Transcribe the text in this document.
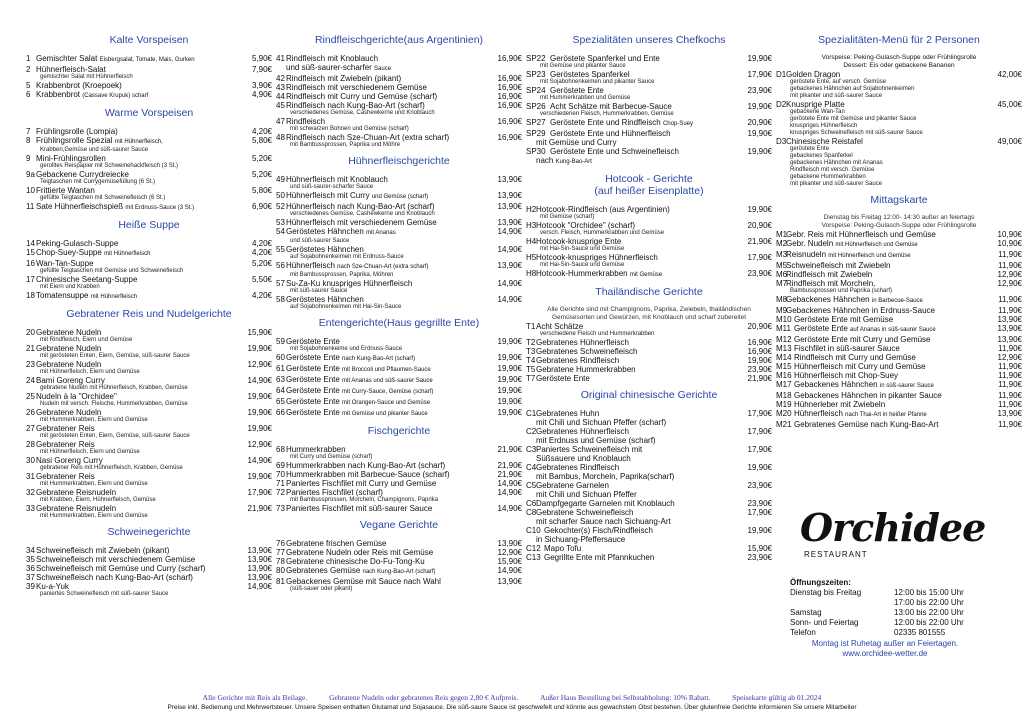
Kalte Vorspeisen
1 Gemischter Salat Eisbergsalat, Tomate, Mais, Gurken	5,90€
2 Hühnerfleisch-Salat	7,90€
gemischter Salat mit Hühnerfleisch
5 Krabbenbrot (Kroepoek)	3,90€
6 Krabbenbrot (Cassave Krupuk) scharf	4,90€
Warme Vorspeisen
7 Frühlingsrolle (Lompia)	4,20€
8 Frühlingsrolle Spezial mit Hühnerfleisch,	5,80€
Krabben,Gemüse und süß-saurer Sauce
9 Mini-Frühlingsrollen	5,20€
gerolltes Reispapier mit Schweinehackfleisch (3 St.)
9a Gebackene Currydreiecke	5,20€
Teigtaschen mit Currygemüsefüllung (6 St.)
10 Frittierte Wantan	5,80€
gefüllte Teigtaschen mit Schweinefleisch (6 St.)
11 Sate Hühnerfleischspieß mit Erdnuss-Sauce (3 St.)	6,90€
Heiße Suppe
14 Peking-Gulasch-Suppe	4,20€
15 Chop-Suey-Suppe mit Hühnerfleisch	4,20€
16 Wan-Tan-Suppe	5,20€
gefüllte Teigtaschen mit Gemüse und Schweinefleisch
17 Chinesische Seetang-Suppe	5,50€
mit Eiern und Krabben
18 Tomatensuppe mit Hühnerfleisch	4,20€
Gebratener Reis und Nudelgerichte
20 Gebratene Nudeln	15,90€
mit Rindfleisch, Eiern und Gemüse
21 Gebratene Nudeln	19,90€
mit gerösteten Enten, Eiern, Gemüse, süß-saurer Sauce
23 Gebratene Nudeln	12,90€
mit Hühnerfleisch, Eiern und Gemüse
24 Bami Goreng Curry	14,90€
gebratene Nudeln mit Hühnerfleisch, Krabben, Gemüse
25 Nudeln à la "Orchidee"	19,90€
Nudeln mit versch. Fleische, Hummerkrabben, Gemüse
26 Gebratene Nudeln	19,90€
mit Hummerkrabben, Eiern und Gemüse
27 Gebratener Reis	19,90€
mit gerösteten Enten, Eiern, Gemüse, süß-saurer Sauce
28 Gebratener Reis	12,90€
mit Hühnerfleisch, Eiern und Gemüse
30 Nasi Goreng Curry	14,90€
gebratener Reis mit Hühnerfleisch, Krabben, Gemüse
31 Gebratener Reis	19,90€
mit Hummerkrabben, Eiern und Gemüse
32 Gebratene Reisnudeln	17,90€
mit Krabben, Eiern, Hühnerfleisch, Gemüse
33 Gebratene Reisnudeln	21,90€
mit Hummerkrabben, Eiern und Gemüse
Schweinegerichte
34 Schweinefleisch mit Zwiebeln (pikant)	13,90€
35 Schweinefleisch mit verschiedenem Gemüse	13,90€
36 Schweinefleisch mit Gemüse und Curry (scharf)	13,90€
37 Schweinefleisch nach Kung-Bao-Art (scharf)	13,90€
39 Ku-a-Yuk	14,90€
paniertes Schweinefleisch mit süß-saurer Sauce
Rindfleischgerichte(aus Argentinien)
41 Rindfleisch mit Knoblauch	16,90€
und süß-saurer-scharfer Sauce
42 Rindfleisch mit Zwiebeln (pikant)	16,90€
43 Rindfleisch mit verschiedenem Gemüse	16,90€
44 Rindfleisch mit Curry und Gemüse (scharf)	16,90€
45 Rindfleisch nach Kung-Bao-Art (scharf)	16,90€
verschiedenes Gemüse, Cashewkerne und Knoblauch
47 Rindfleisch	16,90€
mit schwarzen Bohnen und Gemüse (scharf)
48 Rindfleisch nach Sze-Chuan-Art (extra scharf)	16,90€
mit Bambussprossen, Paprika und Möhre
Hühnerfleischgerichte
49 Hühnerfleisch mit Knoblauch	13,90€
und süß-saurer-scharfer Sauce
50 Hühnerfleisch mit Curry und Gemüse (scharf)	13,90€
52 Hühnerfleisch nach Kung-Bao-Art (scharf)	13,90€
verschiedenes Gemüse, Cashewkerne und Knoblauch
53 Hühnerfleisch mit verschiedenem Gemüse	13,90€
54 Geröstetes Hähnchen mit Ananas	14,90€
und süß-saurer Sauce
55 Geröstetes Hähnchen	14,90€
auf Sojabohnenkeimen mit Erdnuss-Sauce
56 Hühnerfleisch nach Sze-Chuan-Art (extra scharf)	13,90€
mit Bambussprossen, Paprika, Möhren
57 Su-Za-Ku knuspriges Hühnerfleisch	14,90€
mit süß-saurer Sauce
58 Geröstetes Hähnchen	14,90€
auf Sojabohnenkeimen mit Hai-Sin-Sauce
Entengerichte(Haus gegrillte Ente)
59 Geröstete Ente	19,90€
mit Sojabohnenkeime und Erdnuss-Sauce
60 Geröstete Ente nach Kung-Bao-Art (scharf)	19,90€
61 Geröstete Ente mit Broccoli und Pflaumen-Sauce	19,90€
63 Geröstete Ente mit Ananas und süß-saurer Sauce	19,90€
64 Geröstete Ente mit Curry-Sauce, Gemüse (scharf)	19,90€
65 Geröstete Ente mit Orangen-Sauce und Gemüse	19,90€
66 Geröstete Ente mit Gemüse und pikanter Sauce	19,90€
Fischgerichte
68 Hummerkrabben	21,90€
mit Curry und Gemüse (scharf)
69 Hummerkrabben nach Kung-Bao-Art (scharf)	21,90€
70 Hummerkrabben mit Barbecue-Sauce (scharf)	21,90€
71 Paniertes Fischfilet mit Curry und Gemüse	14,90€
72 Paniertes Fischfilet (scharf)	14,90€
mit Bambussprossen, Morcheln, Champignons, Paprika
73 Paniertes Fischfilet mit süß-saurer Sauce	14,90€
Vegane Gerichte
76 Gebratene frischen Gemüse	13,90€
77 Gebratene Nudeln oder Reis mit Gemüse	12,90€
78 Gebratene chinesische Do-Fu-Tong-Ku	15,90€
80 Gebratenes Gemüse nach Kung-Bao-Art (scharf)	14,90€
81 Gebackenes Gemüse mit Sauce nach Wahl	13,90€
(süß-sauer oder pikant)
Spezialitäten unseres Chefkochs
SP22 Geröstete Spanferkel und Ente	19,90€
mit Gemüse und pikanter Sauce
SP23 Geröstetes Spanferkel	17,90€
mit Sojabohnenkeimen und pikanter Sauce
SP24 Geröstete Ente	23,90€
mit Hummerkrabben und Gemüse
SP26 Acht Schätze mit Barbecue-Sauce	19,90€
verschiedenen Fleisch, Hummerkrabben, Gemüse
SP27 Geröstete Ente und Rindfleisch Chop-Suey	20,90€
SP29 Geröstete Ente und Hühnerfleisch	19,90€
mit Gemüse und Curry
SP30 Geröstete Ente und Schweinefleisch	19,90€
nach Kung-Bao-Art
Hotcook - Gerichte
(auf heißer Eisenplatte)
H2 Hotcook-Rindfleisch (aus Argentinien)	19,90€
mit Gemüse (scharf)
H3 Hotcook "Orchidee" (scharf)	20,90€
versch. Fleisch, Hummerkrabben und Gemüse
H4 Hotcook-knusprige Ente	21,90€
mit Hai-Sin-Sauce und Gemüse
H5 Hotcook-knuspriges Hühnerfleisch	17,90€
mit Hai-Sin-Sauce und Gemüse
H8 Hotcook-Hummerkrabben mit Gemüse	23,90€
Thailändische Gerichte
Alle Gerichte sind mit Champignons, Paprika, Zwiebeln, thailändischen Gemüsesorten und Gewürzen, mit Knoblauch und scharf zubereitet
T1 Acht Schätze	20,90€
verschiedene Fleisch und Hummerkrabben
T2 Gebratenes Hühnerfleisch	16,90€
T3 Gebratenes Schweinefleisch	16,90€
T4 Gebratenes Rindfleisch	19,90€
T5 Gebratene Hummerkrabben	23,90€
T7 Geröstete Ente	21,90€
Original chinesische Gerichte
C1 Gebratenes Huhn	17,90€
mit Chili und Sichuan Pfeffer (scharf)
C2 Gebratenes Hühnerfleisch	17,90€
mit Erdnuss und Gemüse (scharf)
C3 Paniertes Schweinefleisch mit	17,90€
Süßsauere und Knoblauch
C4 Gebratenes Rindfleisch	19,90€
mit Bambus, Morcheln, Paprika(scharf)
C5 Gebratene Garnelen	23,90€
mit Chili und Sichuan Pfeffer
C6 Dampfgegarte Garnelen mit Knoblauch	23,90€
C8 Gebratene Schweinefleisch	17,90€
mit scharfer Sauce nach Sichuang-Art
C10 Gekochter(s) Fisch/Rindfleisch	19,90€
in Sichuang-Pfeffersauce
C12 Mapo Tofu	15,90€
C13 Gegrillte Ente mit Pfannkuchen	23,90€
Spezialitäten-Menü für 2 Personen
Vorspeise: Peking-Gulasch-Suppe oder Frühlingsrolle
Dessert: Eis oder gebackene Bananen
D1 Golden Dragon	42,00€
geröstete Ente, auf versch. Gemüse
gebackenes Hähnchen auf Sojabohnenkeimen
mit pikanter und süß-saurer Sauce
D2 Knusprige Platte	45,00€
gebackene Wan-Tan
geröstete Ente mit Gemüse und pikanter Sauce
knuspriges Hühnerfleisch
knuspriges Schweinefleisch mit süß-saurer Sauce
D3 Chinesische Reistafel	49,00€
geröstete Ente
gebackenes Spanferkel
gebackenes Hähnchen mit Ananas
Rindfleisch mit versch. Gemüse
gebackene Hummerkrabben
mit pikanter und süß-saurer Sauce
Mittagskarte
Dienstag bis Freitag 12:00- 14:30 außer an feiertags
Vorspeise: Peking-Gulasch-Suppe oder Frühlingsrolle
M1
Gebr. Reis mit Hühnerfleisch und Gemüse	10,90€
M2
Gebr. Nudeln mit Hühnerfleisch und Gemüse	10,90€
M3
Reisnudeln mit Hühnerfleisch und Gemüse	11,90€
M5
Schweinefleisch mit Zwiebeln	11,90€
M6
Rindfleisch mit Zwiebeln	12,90€
M7
Rindfleisch mit Morcheln,	12,90€
Bambussprossen und Paprika (scharf)
M8
Gebackenes Hähnchen in Barbecue-Sauce	11,90€
M9
Gebackenes Hähnchen in Erdnuss-Sauce	11,90€
M10 Geröstete Ente mit Gemüse	13,90€
M11 Geröstete Ente auf Ananas in süß-saurer Sauce	13,90€
M12 Geröstete Ente mit Curry und Gemüse	13,90€
M13 Fischfilet in süß-saurer Sauce	11,90€
M14 Rindfleisch mit Curry und Gemüse	12,90€
M15 Hühnerfleisch mit Curry und Gemüse	11,90€
M16 Hühnerfleisch mit Chop-Suey	11,90€
M17 Gebackenes Hähnchen in süß-saurer Sauce	11,90€
M18 Gebackenes Hähnchen in pikanter Sauce	11,90€
M19 Hühnerleber mit Zwiebeln	11,90€
M20 Hühnerfleisch nach Thai-Art in heißer Pfanne	13,90€
M21 Gebratenes Gemüse nach Kung-Bao-Art	11,90€
Orchidee
RESTAURANT
Öffnungszeiten:
Dienstag bis Freitag	12:00 bis 15:00 Uhr
17:00 bis 22:00 Uhr
Samstag	13:00 bis 22:00 Uhr
Sonn- und Feiertag	12:00 bis 22:00 Uhr
Telefon	02335 801555
Montag ist Ruhetag außer an Feiertagen.
www.orchidee-wetter.de
Alle Gerichte mit Reis als Beilage.	Gebratene Nudeln oder gebratenes Reis gegen 2,80 € Aufpreis.	Außer Haus Bestellung bei Selbstabholung: 10% Rabatt.	Speisekarte gültig ab 01.2024
Preise inkl. Bedienung und Mehrwertsteuer. Unsere Speisen enthalten Glutamat und Sojasauce. Die süß-saure Sauce ist geschwefelt und könnte aus gewachstem Obst bestehen. Über glutenfreie Gerichte informieren Sie unsere Mitarbeiter
